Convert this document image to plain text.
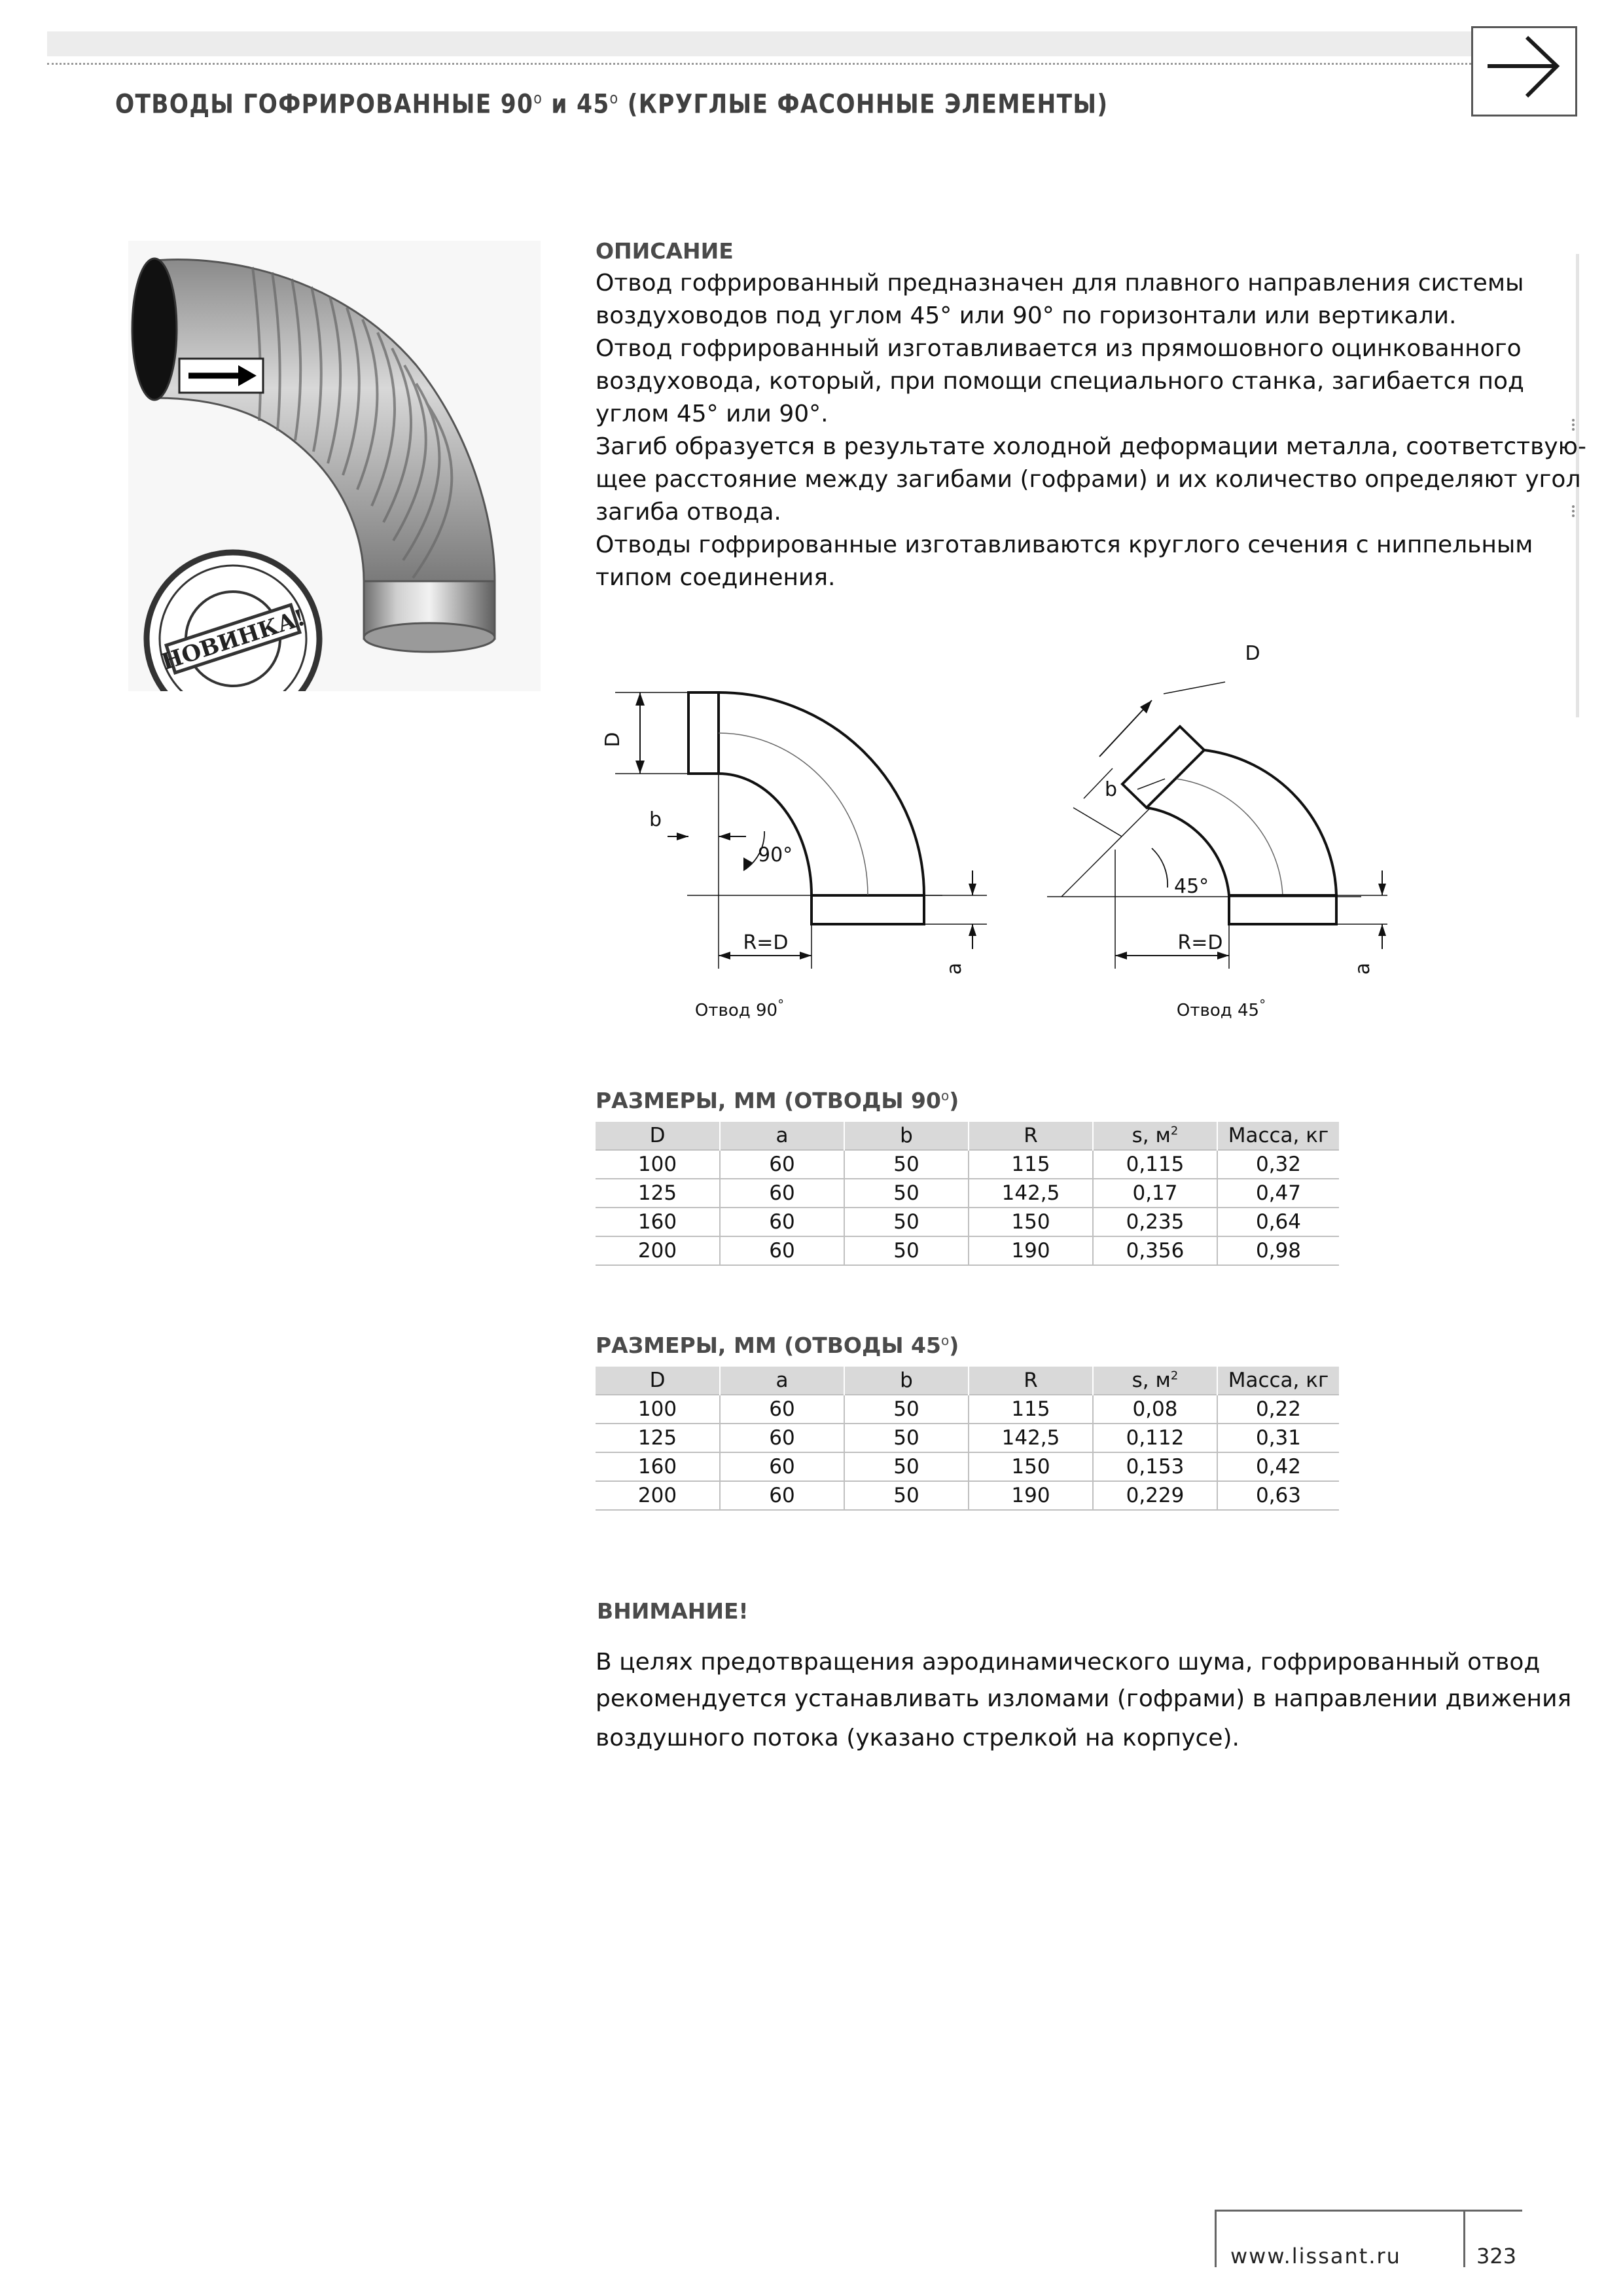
ОТВОДЫ ГОФРИРОВАННЫЕ $90^о$ и $45^о$ (КРУГЛЫЕ ФАСОННЫЕ ЭЛЕМЕНТЫ)
НОВИНКА!
ОПИСАНИЕ
Отвод гофрированный предназначен для плавного направления системы
воздуховодов под углом 45° или 90° по горизонтали или вертикали.
Отвод гофрированный изготавливается из прямошовного оцинкованного
воздуховода, который, при помощи специального станка, загибается под
углом 45° или 90°.
Загиб образуется в результате холодной деформации металла, соответствую-
щее расстояние между загибами (гофрами) и их количество определяют угол
загиба отвода.
Отводы гофрированные изготавливаются круглого сечения с ниппельным
типом соединения.
D
b
90°
R=D
a
Отвод 90°
D
b
45°
R=D
a
Отвод 45°
РАЗМЕРЫ, ММ (ОТВОДЫ $90^о$)
D	a	b	R	s, $м^2$	Масса, кг
100	60	50	115	0,115	0,32
125	60	50	142,5	0,17	0,47
160	60	50	150	0,235	0,64
200	60	50	190	0,356	0,98
РАЗМЕРЫ, ММ (ОТВОДЫ $45^о$)
D	a	b	R	s, $м^2$	Масса, кг
100	60	50	115	0,08	0,22
125	60	50	142,5	0,112	0,31
160	60	50	150	0,153	0,42
200	60	50	190	0,229	0,63
ВНИМАНИЕ!
В целях предотвращения аэродинамического шума, гофрированный отвод
рекомендуется устанавливать изломами (гофрами) в направлении движения
воздушного потока (указано стрелкой на корпусе).
www.lissant.ru	323
